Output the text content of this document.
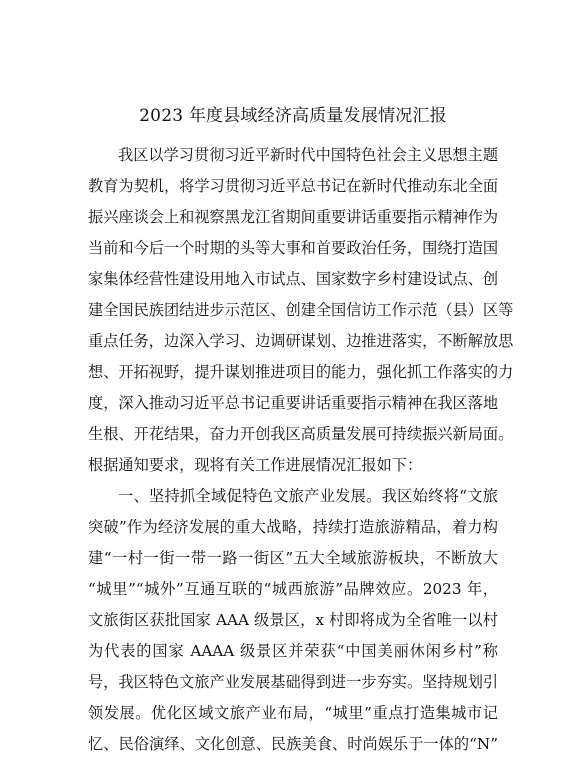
2023 年度县域经济高质量发展情况汇报
我区以学习贯彻习近平新时代中国特色社会主义思想主题
教育为契机，将学习贯彻习近平总书记在新时代推动东北全面
振兴座谈会上和视察黑龙江省期间重要讲话重要指示精神作为
当前和今后一个时期的头等大事和首要政治任务，围绕打造国
家集体经营性建设用地入市试点、国家数字乡村建设试点、创
建全国民族团结进步示范区、创建全国信访工作示范（县）区等
重点任务，边深入学习、边调研谋划、边推进落实，不断解放思
想、开拓视野，提升谋划推进项目的能力，强化抓工作落实的力
度，深入推动习近平总书记重要讲话重要指示精神在我区落地
生根、开花结果，奋力开创我区高质量发展可持续振兴新局面。
根据通知要求，现将有关工作进展情况汇报如下：
一、坚持抓全域促特色文旅产业发展。我区始终将“文旅
突破”作为经济发展的重大战略，持续打造旅游精品，着力构
建“一村一街一带一路一街区”五大全域旅游板块，不断放大
“城里”“城外”互通互联的“城西旅游”品牌效应。2023 年，
文旅街区获批国家 AAA 级景区，x 村即将成为全省唯一以村
为代表的国家 AAAA 级景区并荣获“中国美丽休闲乡村”称
号，我区特色文旅产业发展基础得到进一步夯实。坚持规划引
领发展。优化区域文旅产业布局，“城里”重点打造集城市记
忆、民俗演绎、文化创意、民族美食、时尚娱乐于一体的“N”
